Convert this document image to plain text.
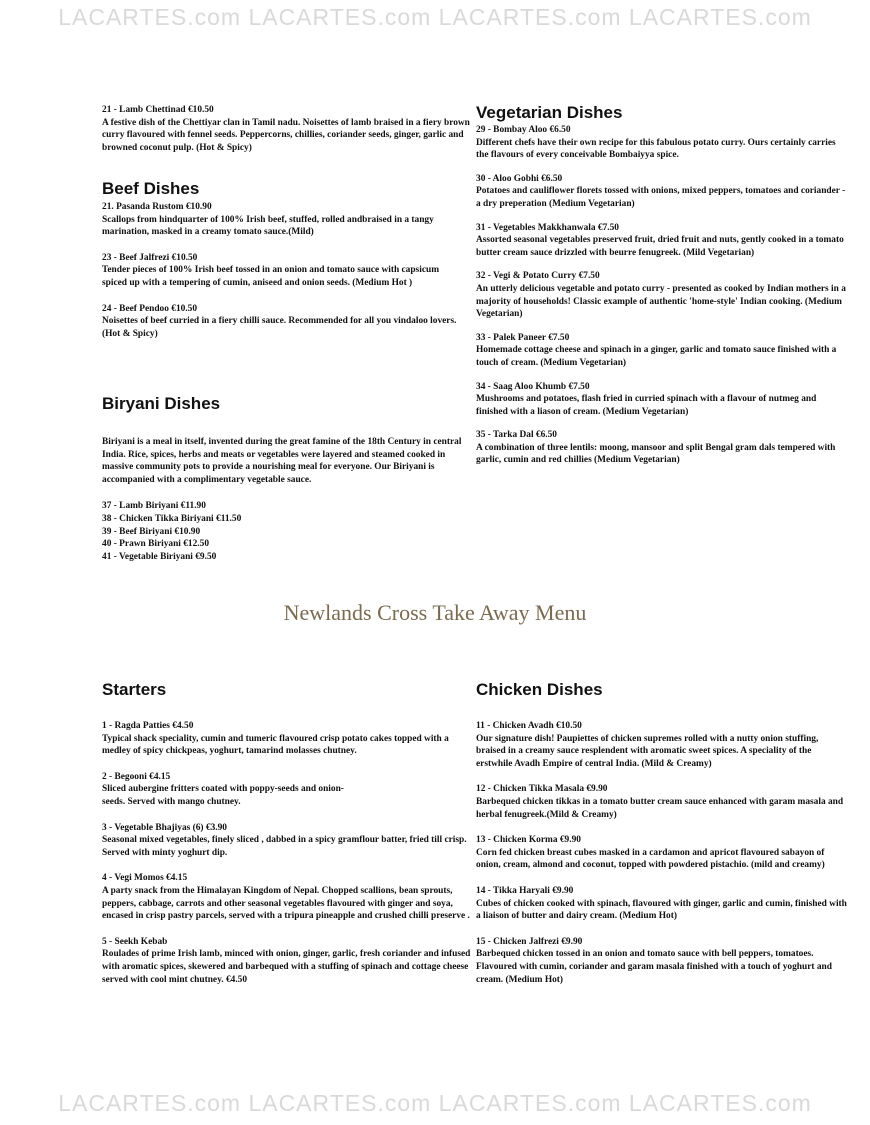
LACARTES.com LACARTES.com LACARTES.com LACARTES.com

21 - Lamb Chettinad €10.50
A festive dish of the Chettiyar clan in Tamil nadu. Noisettes of lamb braised in a fiery brown curry flavoured with fennel seeds. Peppercorns, chillies, coriander seeds, ginger, garlic and browned coconut pulp. (Hot & Spicy)

Beef Dishes

21. Pasanda Rustom €10.90
Scallops from hindquarter of 100% Irish beef, stuffed, rolled andbraised in a tangy marination, masked in a creamy tomato sauce.(Mild)

23 - Beef Jalfrezi €10.50
Tender pieces of 100% Irish beef tossed in an onion and tomato sauce with capsicum spiced up with a tempering of cumin, aniseed and onion seeds. (Medium Hot )

24 - Beef Pendoo €10.50
Noisettes of beef curried in a fiery chilli sauce. Recommended for all you vindaloo lovers. (Hot & Spicy)

Biryani Dishes

Biriyani is a meal in itself, invented during the great famine of the 18th Century in central India. Rice, spices, herbs and meats or vegetables were layered and steamed cooked in massive community pots to provide a nourishing meal for everyone. Our Biriyani is accompanied with a complimentary vegetable sauce.

37 - Lamb Biriyani €11.90
38 - Chicken Tikka Biriyani €11.50
39 - Beef Biriyani €10.90
40 - Prawn Biriyani €12.50
41 - Vegetable Biriyani €9.50
Vegetarian Dishes

29 - Bombay Aloo €6.50
Different chefs have their own recipe for this fabulous potato curry. Ours certainly carries the flavours of every conceivable Bombaiyya spice.

30 - Aloo Gobhi €6.50
Potatoes and cauliflower florets tossed with onions, mixed peppers, tomatoes and coriander - a dry preperation (Medium Vegetarian)

31 - Vegetables Makkhanwala €7.50
Assorted seasonal vegetables preserved fruit, dried fruit and nuts, gently cooked in a tomato butter cream sauce drizzled with beurre fenugreek. (Mild Vegetarian)

32 - Vegi & Potato Curry €7.50
An utterly delicious vegetable and potato curry - presented as cooked by Indian mothers in a majority of households! Classic example of authentic 'home-style' Indian cooking. (Medium Vegetarian)

33 - Palek Paneer €7.50
Homemade cottage cheese and spinach in a ginger, garlic and tomato sauce finished with a touch of cream. (Medium Vegetarian)

34 - Saag Aloo Khumb €7.50
Mushrooms and potatoes, flash fried in curried spinach with a flavour of nutmeg and finished with a liason of cream. (Medium Vegetarian)

35 - Tarka Dal €6.50
A combination of three lentils: moong, mansoor and split Bengal gram dals tempered with garlic, cumin and red chillies (Medium Vegetarian)

Newlands Cross Take Away Menu
Starters

1 - Ragda Patties €4.50
Typical shack speciality, cumin and tumeric flavoured crisp potato cakes topped with a medley of spicy chickpeas, yoghurt, tamarind molasses chutney.

2 - Begooni €4.15
Sliced aubergine fritters coated with poppy-seeds and onion-seeds. Served with mango chutney.

3 - Vegetable Bhajiyas (6) €3.90
Seasonal mixed vegetables, finely sliced , dabbed in a spicy gramflour batter, fried till crisp. Served with minty yoghurt dip.

4 - Vegi Momos €4.15
A party snack from the Himalayan Kingdom of Nepal. Chopped scallions, bean sprouts, peppers, cabbage, carrots and other seasonal vegetables flavoured with ginger and soya, encased in crisp pastry parcels, served with a tripura pineapple and crushed chilli preserve .

5 - Seekh Kebab
Roulades of prime Irish lamb, minced with onion, ginger, garlic, fresh coriander and infused with aromatic spices, skewered and barbequed with a stuffing of spinach and cottage cheese served with cool mint chutney. €4.50

Chicken Dishes

11 - Chicken Avadh €10.50
Our signature dish! Paupiettes of chicken supremes rolled with a nutty onion stuffing, braised in a creamy sauce resplendent with aromatic sweet spices. A speciality of the erstwhile Avadh Empire of central India. (Mild & Creamy)

12 - Chicken Tikka Masala €9.90
Barbequed chicken tikkas in a tomato butter cream sauce enhanced with garam masala and herbal fenugreek.(Mild & Creamy)

13 - Chicken Korma €9.90
Corn fed chicken breast cubes masked in a cardamon and apricot flavoured sabayon of onion, cream, almond and coconut, topped with powdered pistachio. (mild and creamy)

14 - Tikka Haryali €9.90
Cubes of chicken cooked with spinach, flavoured with ginger, garlic and cumin, finished with a liaison of butter and dairy cream. (Medium Hot)

15 - Chicken Jalfrezi €9.90
Barbequed chicken tossed in an onion and tomato sauce with bell peppers, tomatoes. Flavoured with cumin, coriander and garam masala finished with a touch of yoghurt and cream. (Medium Hot)

LACARTES.com LACARTES.com LACARTES.com LACARTES.com
